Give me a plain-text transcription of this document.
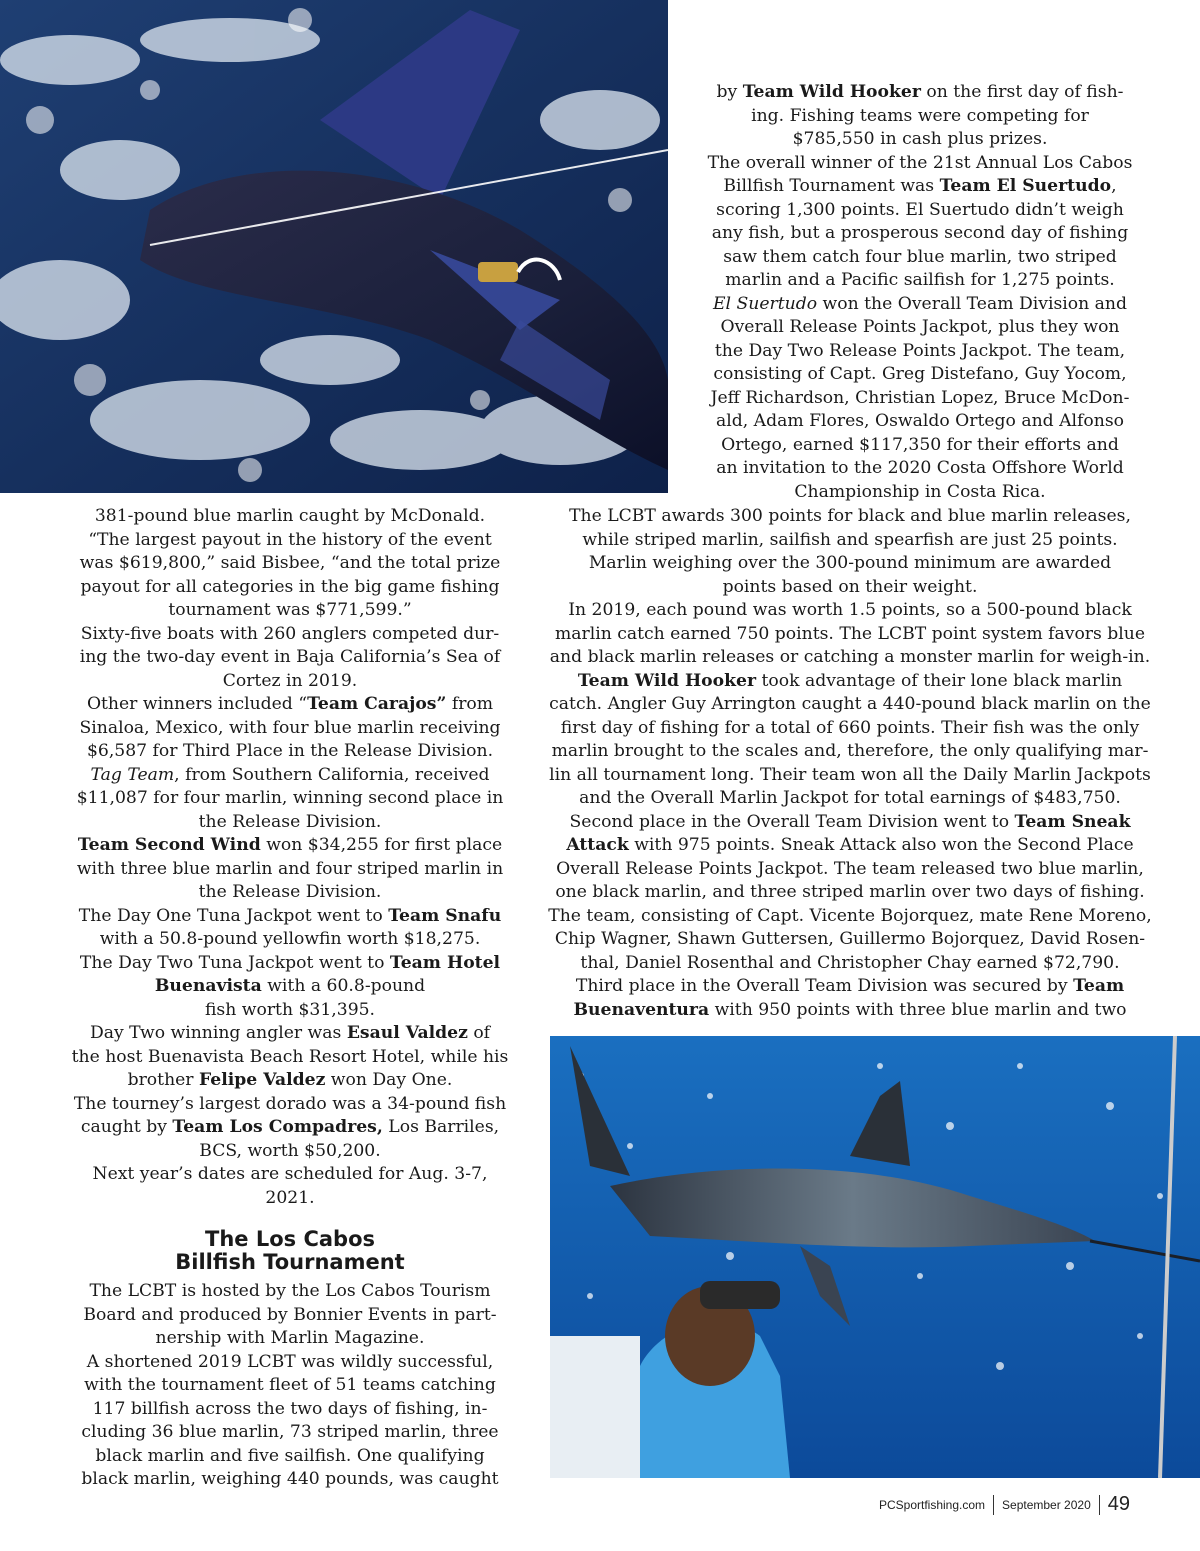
by Team Wild Hooker on the first day of fish-

ing. Fishing teams were competing for

$785,550 in cash plus prizes.

The overall winner of the 21st Annual Los Cabos

Billfish Tournament was Team El Suertudo,

scoring 1,300 points. El Suertudo didn’t weigh

any fish, but a prosperous second day of fishing

saw them catch four blue marlin, two striped

marlin and a Pacific sailfish for 1,275 points.

El Suertudo won the Overall Team Division and

Overall Release Points Jackpot, plus they won

the Day Two Release Points Jackpot. The team,

consisting of Capt. Greg Distefano, Guy Yocom,

Jeff Richardson, Christian Lopez, Bruce McDon-

ald, Adam Flores, Oswaldo Ortego and Alfonso

Ortego, earned $117,350 for their efforts and

an invitation to the 2020 Costa Offshore World

Championship in Costa Rica.

381-pound blue marlin caught by McDonald.

“The largest payout in the history of the event

was $619,800,” said Bisbee, “and the total prize

payout for all categories in the big game fishing

tournament was $771,599.”

Sixty-five boats with 260 anglers competed dur-

ing the two-day event in Baja California’s Sea of

Cortez in 2019.

Other winners included “Team Carajos” from

Sinaloa, Mexico, with four blue marlin receiving

$6,587 for Third Place in the Release Division.

Tag Team, from Southern California, received

$11,087 for four marlin, winning second place in

the Release Division.

Team Second Wind won $34,255 for first place

with three blue marlin and four striped marlin in

the Release Division.

The Day One Tuna Jackpot went to Team Snafu

with a 50.8-pound yellowfin worth $18,275.

The Day Two Tuna Jackpot went to Team Hotel

Buenavista with a 60.8-pound

fish worth $31,395.

Day Two winning angler was Esaul Valdez of

the host Buenavista Beach Resort Hotel, while his

brother Felipe Valdez won Day One.

The tourney’s largest dorado was a 34-pound fish

caught by Team Los Compadres, Los Barriles,

BCS, worth $50,200.

Next year’s dates are scheduled for Aug. 3-7, 2021.

The Los Cabos
Billfish Tournament

The LCBT is hosted by the Los Cabos Tourism

Board and produced by Bonnier Events in part-

nership with Marlin Magazine.

A shortened 2019 LCBT was wildly successful,

with the tournament fleet of 51 teams catching

117 billfish across the two days of fishing, in-

cluding 36 blue marlin, 73 striped marlin, three

black marlin and five sailfish. One qualifying

black marlin, weighing 440 pounds, was caught

The LCBT awards 300 points for black and blue marlin releases,

while striped marlin, sailfish and spearfish are just 25 points.

Marlin weighing over the 300-pound minimum are awarded

points based on their weight.

In 2019, each pound was worth 1.5 points, so a 500-pound black

marlin catch earned 750 points. The LCBT point system favors blue

and black marlin releases or catching a monster marlin for weigh-in.

Team Wild Hooker took advantage of their lone black marlin

catch. Angler Guy Arrington caught a 440-pound black marlin on the

first day of fishing for a total of 660 points. Their fish was the only

marlin brought to the scales and, therefore, the only qualifying mar-

lin all tournament long. Their team won all the Daily Marlin Jackpots

and the Overall Marlin Jackpot for total earnings of $483,750.

Second place in the Overall Team Division went to Team Sneak

Attack with 975 points. Sneak Attack also won the Second Place

Overall Release Points Jackpot. The team released two blue marlin,

one black marlin, and three striped marlin over two days of fishing.

The team, consisting of Capt. Vicente Bojorquez, mate Rene Moreno,

Chip Wagner, Shawn Guttersen, Guillermo Bojorquez, David Rosen-

thal, Daniel Rosenthal and Christopher Chay earned $72,790.

Third place in the Overall Team Division was secured by Team

Buenaventura with 950 points with three blue marlin and two

PCSportfishing.com September 2020 49
